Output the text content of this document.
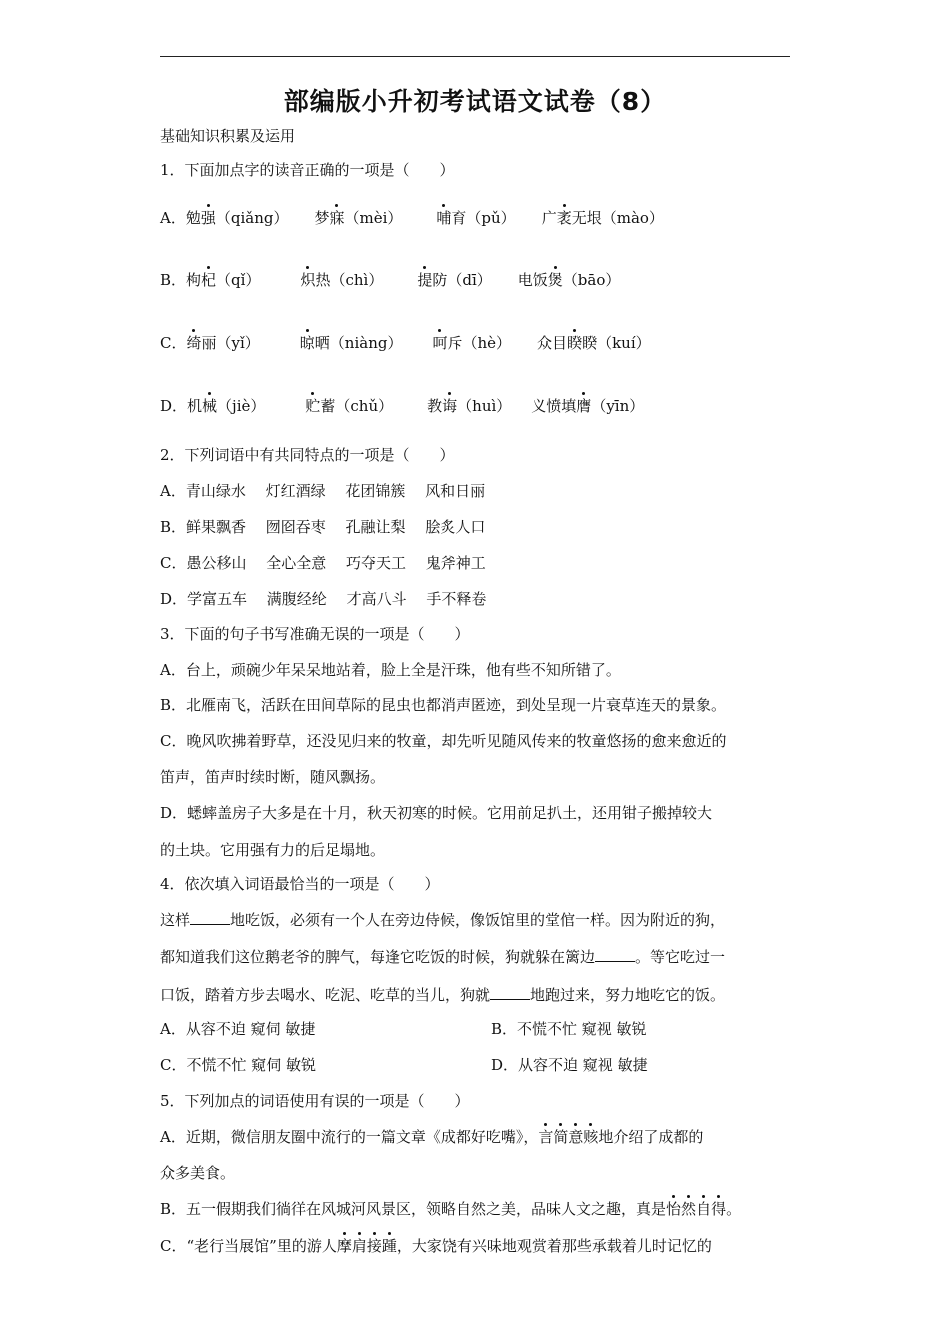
部编版小升初考试语文试卷（8）
基础知识积累及运用
1．下面加点字的读音正确的一项是（　　）
A．勉强（qiǎng） 梦寐（mèi） 哺育（pǔ） 广袤无垠（mào）
B．枸杞（qǐ）	炽热（chì） 提防（dī） 电饭煲（bāo）
C．绮丽（yǐ）	晾晒（niàng） 呵斥（hè） 众目睽睽（kuí）
D．机械（jiè）	贮蓄（chǔ） 教诲（huì） 义愤填膺（yīn）
2．下列词语中有共同特点的一项是（　　）
A．青山绿水　 灯红酒绿　 花团锦簇　 风和日丽
B．鲜果飘香　 囫囵吞枣　 孔融让梨　 脍炙人口
C．愚公移山　 全心全意　 巧夺天工　 鬼斧神工
D．学富五车　 满腹经纶　 才高八斗　 手不释卷
3．下面的句子书写准确无误的一项是（　　）
A．台上，顽碗少年呆呆地站着，脸上全是汗珠，他有些不知所错了。
B．北雁南飞，活跃在田间草际的昆虫也都消声匿迹，到处呈现一片衰草连天的景象。
C．晚风吹拂着野草，还没见归来的牧童，却先听见随风传来的牧童悠扬的愈来愈近的
笛声，笛声时续时断，随风飘扬。
D．蟋蟀盖房子大多是在十月，秋天初寒的时候。它用前足扒土，还用钳子搬掉较大
的土块。它用强有力的后足塌地。
4．依次填入词语最恰当的一项是（　　）
这样	地吃饭，必须有一个人在旁边侍候，像饭馆里的堂倌一样。因为附近的狗，
都知道我们这位鹅老爷的脾气，每逢它吃饭的时候，狗就躲在篱边	。等它吃过一
口饭，踏着方步去喝水、吃泥、吃草的当儿，狗就	地跑过来，努力地吃它的饭。
A．从容不迫 窥伺 敏捷	B．不慌不忙 窥视 敏锐
C．不慌不忙 窥伺 敏锐	D．从容不迫 窥视 敏捷
5．下列加点的词语使用有误的一项是（　　）
A．近期，微信朋友圈中流行的一篇文章《成都好吃嘴》，言简意赅地介绍了成都的
众多美食。
B．五一假期我们徜徉在风城河风景区，领略自然之美，品味人文之趣，真是怡然自得。
C．“老行当展馆”里的游人摩肩接踵，大家饶有兴味地观赏着那些承载着儿时记忆的
